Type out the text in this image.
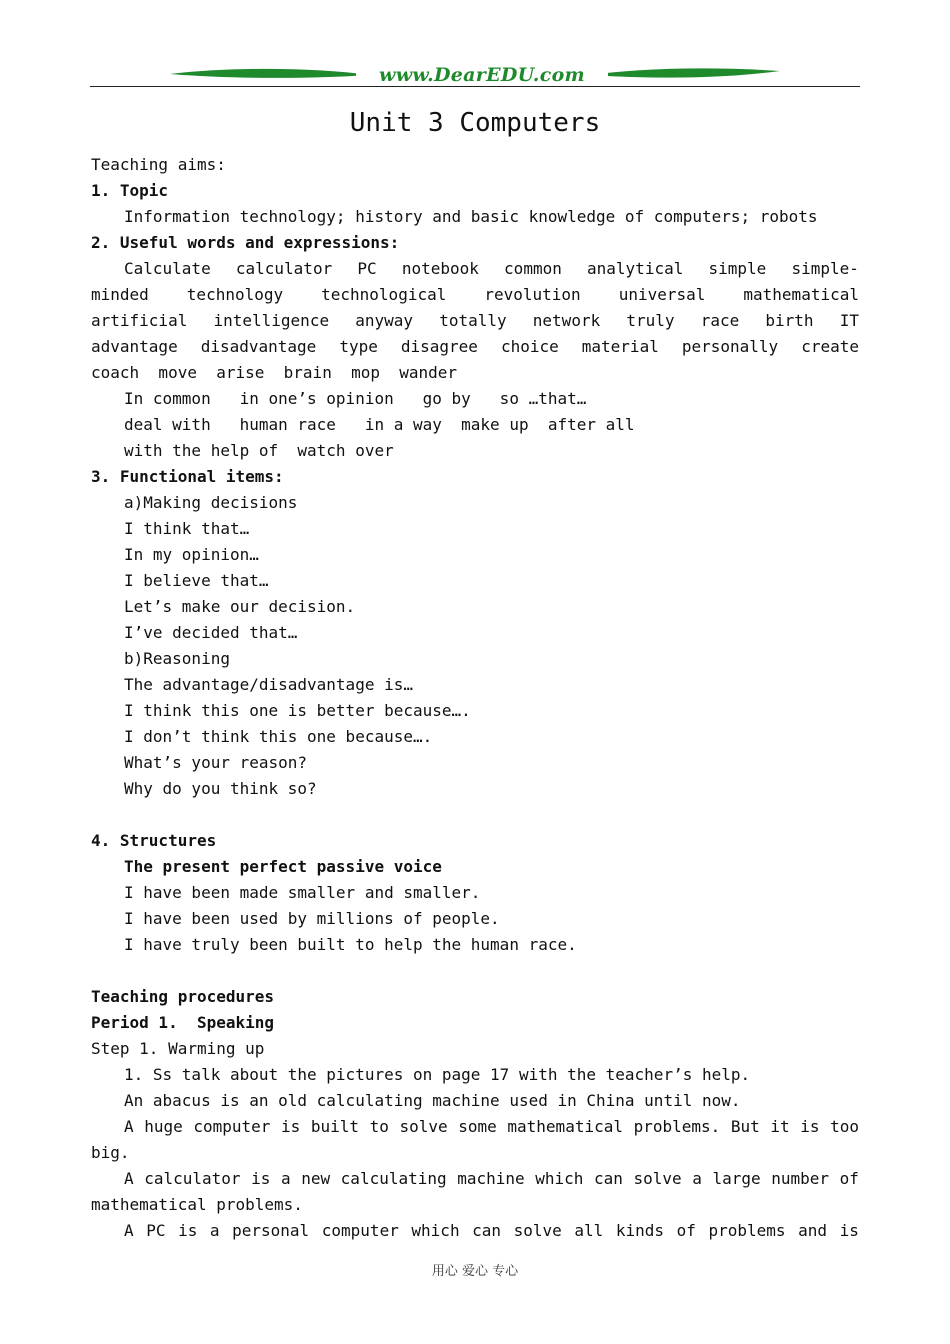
www.DearEDU.com
Unit 3 Computers
Teaching aims:
1. Topic
Information technology; history and basic knowledge of computers; robots
2. Useful words and expressions:
Calculate calculator PC notebook common analytical simple simple-
minded technology technological revolution universal mathematical
artificial intelligence anyway totally network truly race birth IT
advantage disadvantage type disagree choice material personally create
coach  move  arise  brain  mop  wander
In common   in one’s opinion   go by   so …that…
deal with   human race   in a way  make up  after all
with the help of  watch over
3. Functional items:
a)Making decisions
I think that…
In my opinion…
I believe that…
Let’s make our decision.
I’ve decided that…
b)Reasoning
The advantage/disadvantage is…
I think this one is better because….
I don’t think this one because….
What’s your reason?
Why do you think so?
4. Structures
The present perfect passive voice
I have been made smaller and smaller.
I have been used by millions of people.
I have truly been built to help the human race.
Teaching procedures
Period 1.  Speaking
Step 1. Warming up
1. Ss talk about the pictures on page 17 with the teacher’s help.
An abacus is an old calculating machine used in China until now.
A huge computer is built to solve some mathematical problems. But it is too
big.
A calculator is a new calculating machine which can solve a large number of
mathematical problems.
A PC is a personal computer which can solve all kinds of problems and is
用心 爱心 专心
